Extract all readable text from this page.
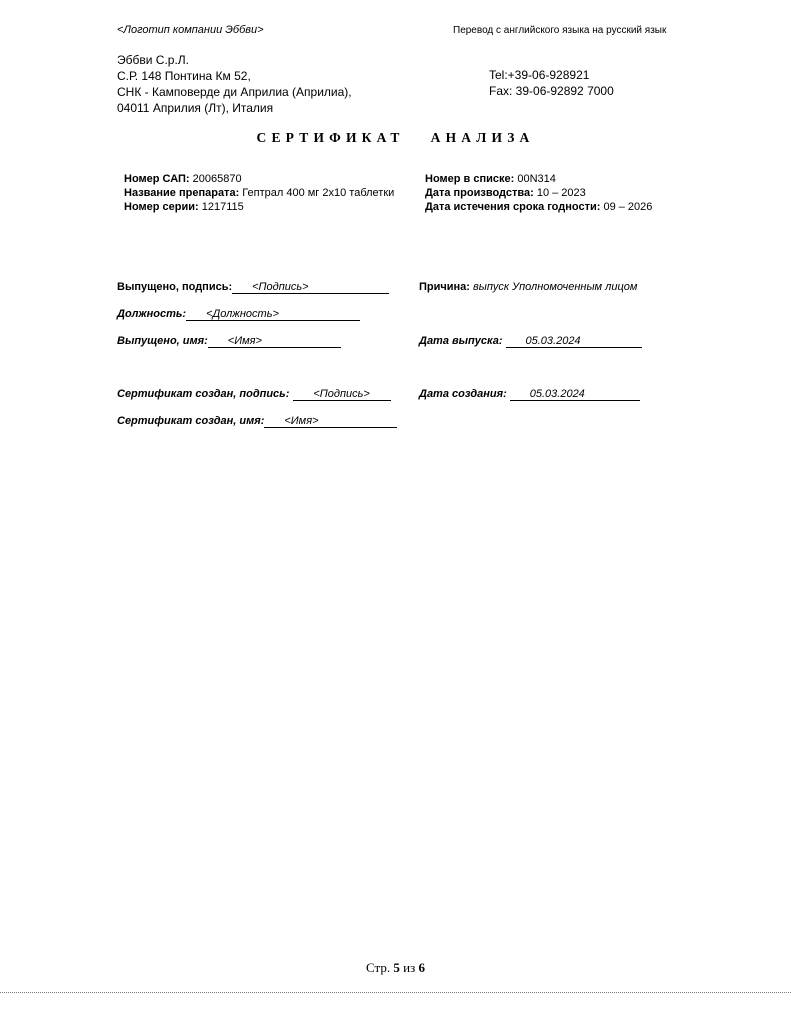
<Логотип компании Эббви>	Перевод с английского языка на русский язык
Эббви С.р.Л.
С.Р. 148 Понтина Км 52,
СНК - Камповерде ди Априлиа (Априлиа),
04011 Априлия (Лт), Италия
Tel:+39-06-928921
Fax: 39-06-92892 7000
СЕРТИФИКАТ АНАЛИЗА
Номер САП: 20065870
Название препарата: Гептрал 400 мг 2х10 таблетки
Номер серии: 1217115
Номер в списке: 00N314
Дата производства: 10 – 2023
Дата истечения срока годности: 09 – 2026
Выпущено, подпись:	<Подпись>	Причина: выпуск Уполномоченным лицом
Должность:	<Должность>
Выпущено, имя:	<Имя>	Дата выпуска:	05.03.2024
Сертификат создан, подпись:	<Подпись>	Дата создания:	05.03.2024
Сертификат создан, имя:	<Имя>
Стр. 5 из 6
